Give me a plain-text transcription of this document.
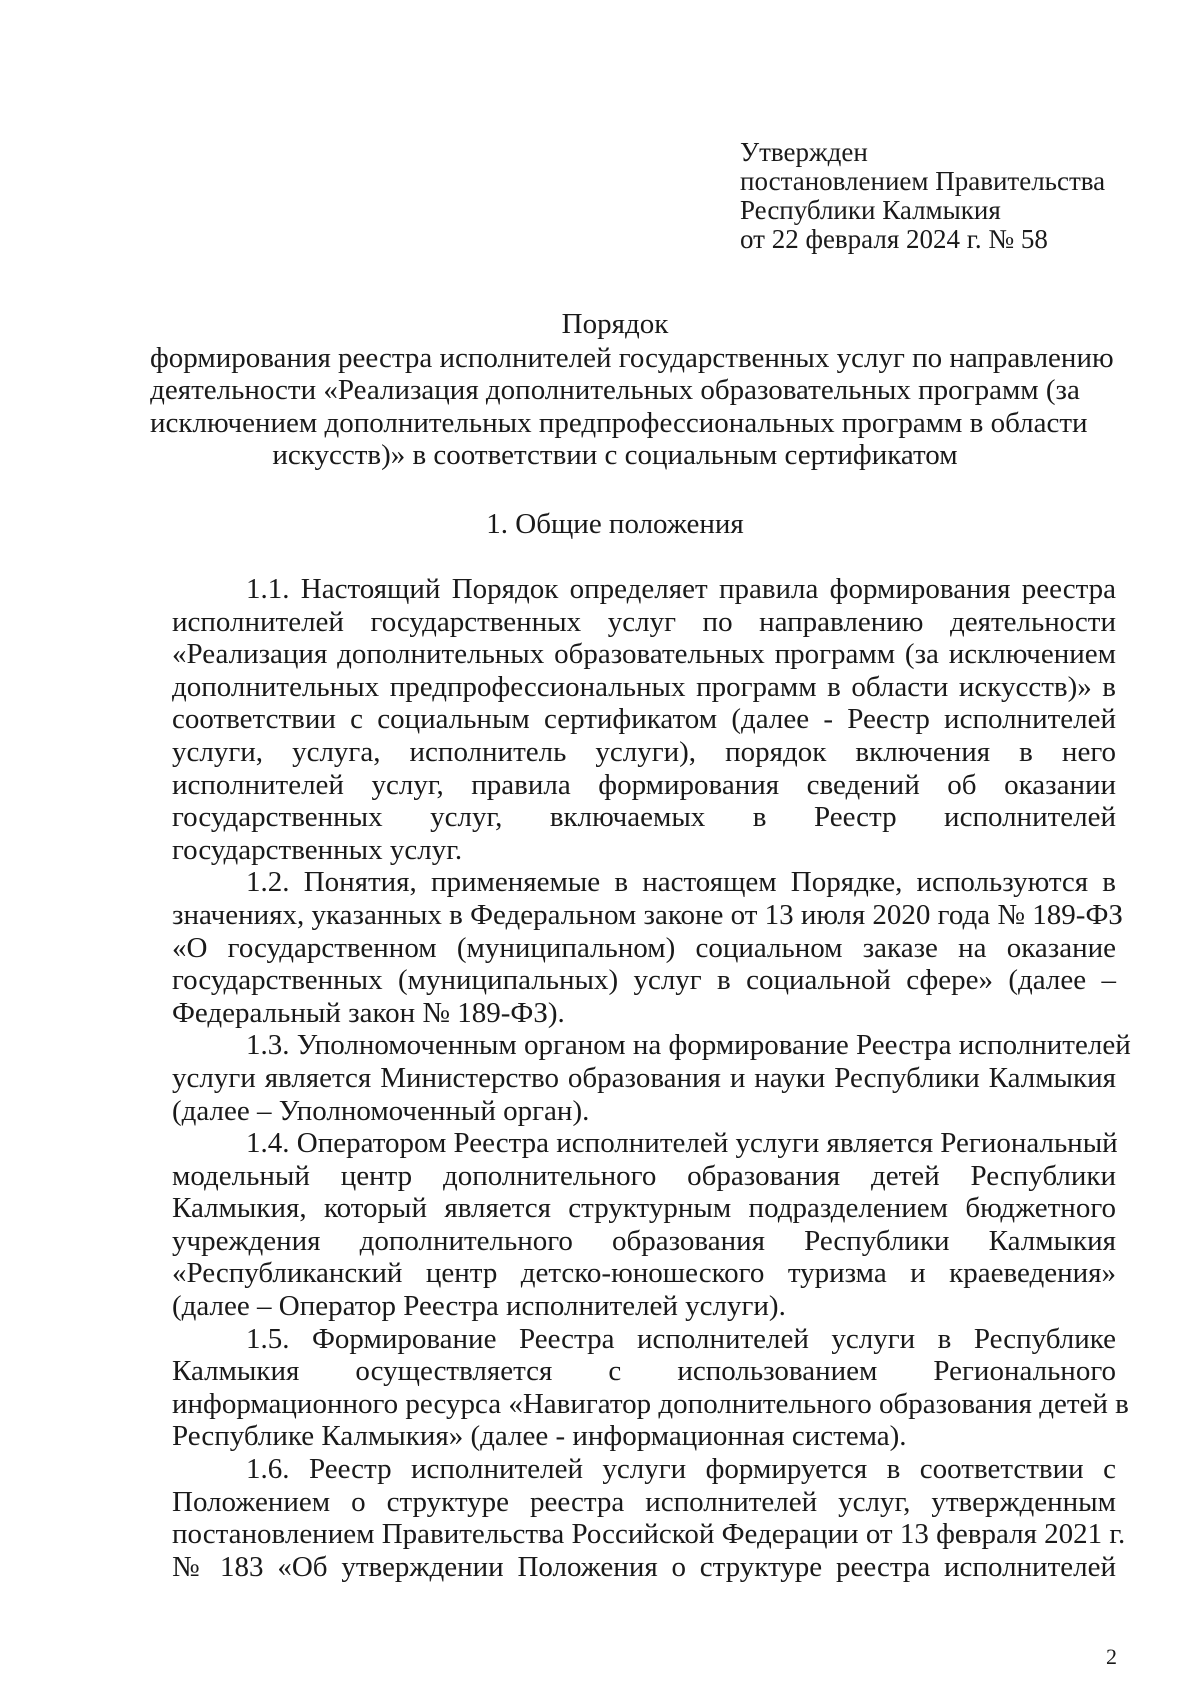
Утвержден
постановлением Правительства
Республики Калмыкия
от 22 февраля 2024 г. № 58
Порядок
формирования реестра исполнителей государственных услуг по направлению
деятельности «Реализация дополнительных образовательных программ (за
исключением дополнительных предпрофессиональных программ в области
искусств)» в соответствии с социальным сертификатом
1. Общие положения

1.1. Настоящий Порядок определяет правила формирования реестра
исполнителей государственных услуг по направлению деятельности
«Реализация дополнительных образовательных программ (за исключением
дополнительных предпрофессиональных программ в области искусств)» в
соответствии с социальным сертификатом (далее - Реестр исполнителей
услуги, услуга, исполнитель услуги), порядок включения в него
исполнителей услуг, правила формирования сведений об оказании
государственных услуг, включаемых в Реестр исполнителей
государственных услуг.

1.2. Понятия, применяемые в настоящем Порядке, используются в
значениях, указанных в Федеральном законе от 13 июля 2020 года № 189-ФЗ
«О государственном (муниципальном) социальном заказе на оказание
государственных (муниципальных) услуг в социальной сфере» (далее –
Федеральный закон № 189-ФЗ).

1.3. Уполномоченным органом на формирование Реестра исполнителей
услуги является Министерство образования и науки Республики Калмыкия
(далее – Уполномоченный орган).

1.4. Оператором Реестра исполнителей услуги является Региональный
модельный центр дополнительного образования детей Республики
Калмыкия, который является структурным подразделением бюджетного
учреждения дополнительного образования Республики Калмыкия
«Республиканский центр детско-юношеского туризма и краеведения»
(далее – Оператор Реестра исполнителей услуги).

1.5. Формирование Реестра исполнителей услуги в Республике
Калмыкия осуществляется с использованием Регионального
информационного ресурса «Навигатор дополнительного образования детей в
Республике Калмыкия» (далее - информационная система).

1.6. Реестр исполнителей услуги формируется в соответствии с
Положением о структуре реестра исполнителей услуг, утвержденным
постановлением Правительства Российской Федерации от 13 февраля 2021 г.
№ 183 «Об утверждении Положения о структуре реестра исполнителей

2
